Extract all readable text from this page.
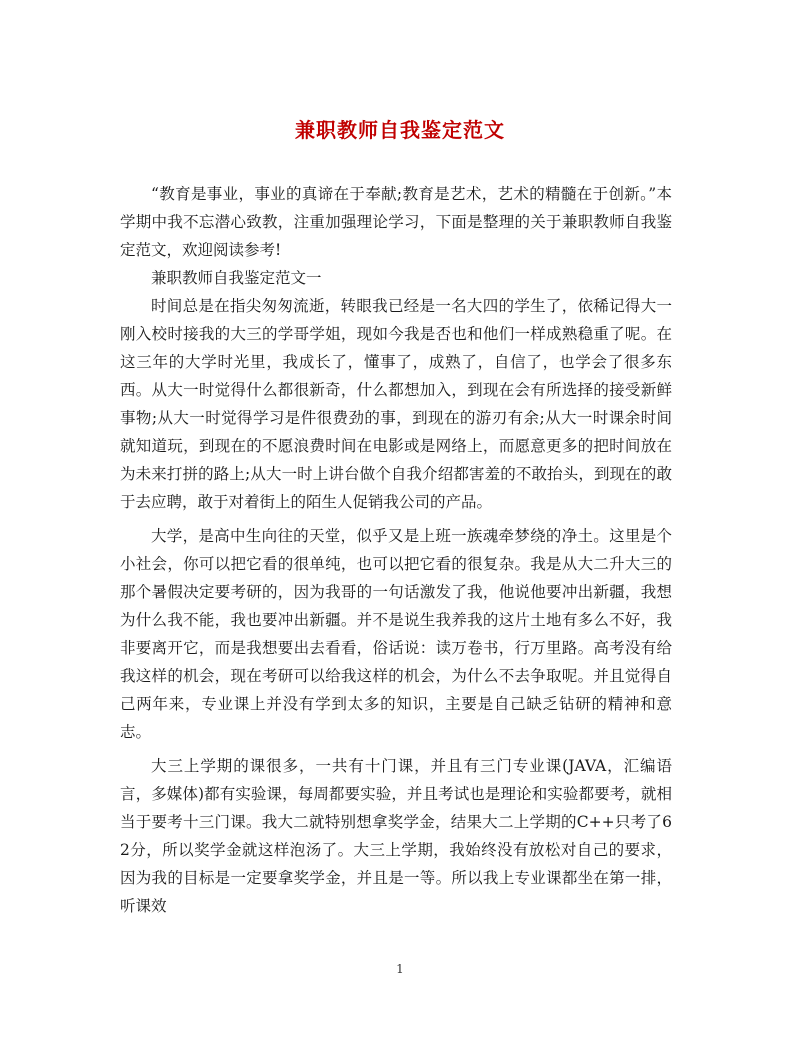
兼职教师自我鉴定范文

“教育是事业，事业的真谛在于奉献;教育是艺术，艺术的精髓在于创新。”本学期中我不忘潜心致教，注重加强理论学习，下面是整理的关于兼职教师自我鉴定范文，欢迎阅读参考!

兼职教师自我鉴定范文一

时间总是在指尖匆匆流逝，转眼我已经是一名大四的学生了，依稀记得大一刚入校时接我的大三的学哥学姐，现如今我是否也和他们一样成熟稳重了呢。在这三年的大学时光里，我成长了，懂事了，成熟了，自信了，也学会了很多东西。从大一时觉得什么都很新奇，什么都想加入，到现在会有所选择的接受新鲜事物;从大一时觉得学习是件很费劲的事，到现在的游刃有余;从大一时课余时间就知道玩，到现在的不愿浪费时间在电影或是网络上，而愿意更多的把时间放在为未来打拼的路上;从大一时上讲台做个自我介绍都害羞的不敢抬头，到现在的敢于去应聘，敢于对着街上的陌生人促销我公司的产品。

大学，是高中生向往的天堂，似乎又是上班一族魂牵梦绕的净土。这里是个小社会，你可以把它看的很单纯，也可以把它看的很复杂。我是从大二升大三的那个暑假决定要考研的，因为我哥的一句话激发了我，他说他要冲出新疆，我想为什么我不能，我也要冲出新疆。并不是说生我养我的这片土地有多么不好，我非要离开它，而是我想要出去看看，俗话说：读万卷书，行万里路。高考没有给我这样的机会，现在考研可以给我这样的机会，为什么不去争取呢。并且觉得自己两年来，专业课上并没有学到太多的知识，主要是自己缺乏钻研的精神和意志。

大三上学期的课很多，一共有十门课，并且有三门专业课(JAVA，汇编语言，多媒体)都有实验课，每周都要实验，并且考试也是理论和实验都要考，就相当于要考十三门课。我大二就特别想拿奖学金，结果大二上学期的C++只考了62分，所以奖学金就这样泡汤了。大三上学期，我始终没有放松对自己的要求，因为我的目标是一定要拿奖学金，并且是一等。所以我上专业课都坐在第一排，听课效

1
